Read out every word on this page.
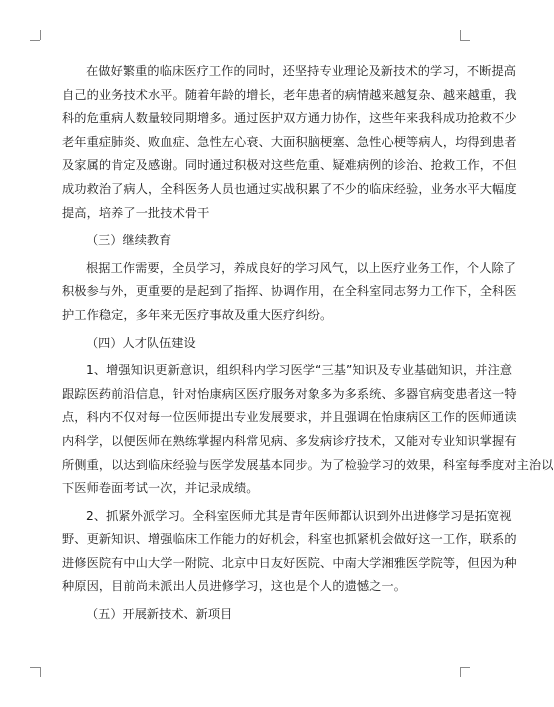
在做好繁重的临床医疗工作的同时，还坚持专业理论及新技术的学习，不断提高
自己的业务技术水平。随着年龄的增长，老年患者的病情越来越复杂、越来越重，我
科的危重病人数量较同期增多。通过医护双方通力协作，这些年来我科成功抢救不少
老年重症肺炎、败血症、急性左心衰、大面积脑梗塞、急性心梗等病人，均得到患者
及家属的肯定及感谢。同时通过积极对这些危重、疑难病例的诊治、抢救工作，不但
成功救治了病人，全科医务人员也通过实战积累了不少的临床经验，业务水平大幅度
提高，培养了一批技术骨干

（三）继续教育

根据工作需要，全员学习，养成良好的学习风气，以上医疗业务工作，个人除了
积极参与外，更重要的是起到了指挥、协调作用，在全科室同志努力工作下，全科医
护工作稳定，多年来无医疗事故及重大医疗纠纷。

（四）人才队伍建设

1、增强知识更新意识，组织科内学习医学“三基”知识及专业基础知识，并注意
跟踪医药前沿信息，针对怡康病区医疗服务对象多为多系统、多器官病变患者这一特
点，科内不仅对每一位医师提出专业发展要求，并且强调在怡康病区工作的医师通读
内科学，以便医师在熟练掌握内科常见病、多发病诊疗技术，又能对专业知识掌握有
所侧重，以达到临床经验与医学发展基本同步。为了检验学习的效果，科室每季度对主治以
下医师卷面考试一次，并记录成绩。

2、抓紧外派学习。全科室医师尤其是青年医师都认识到外出进修学习是拓宽视
野、更新知识、增强临床工作能力的好机会，科室也抓紧机会做好这一工作，联系的
进修医院有中山大学一附院、北京中日友好医院、中南大学湘雅医学院等，但因为种
种原因，目前尚未派出人员进修学习，这也是个人的遗憾之一。

（五）开展新技术、新项目
